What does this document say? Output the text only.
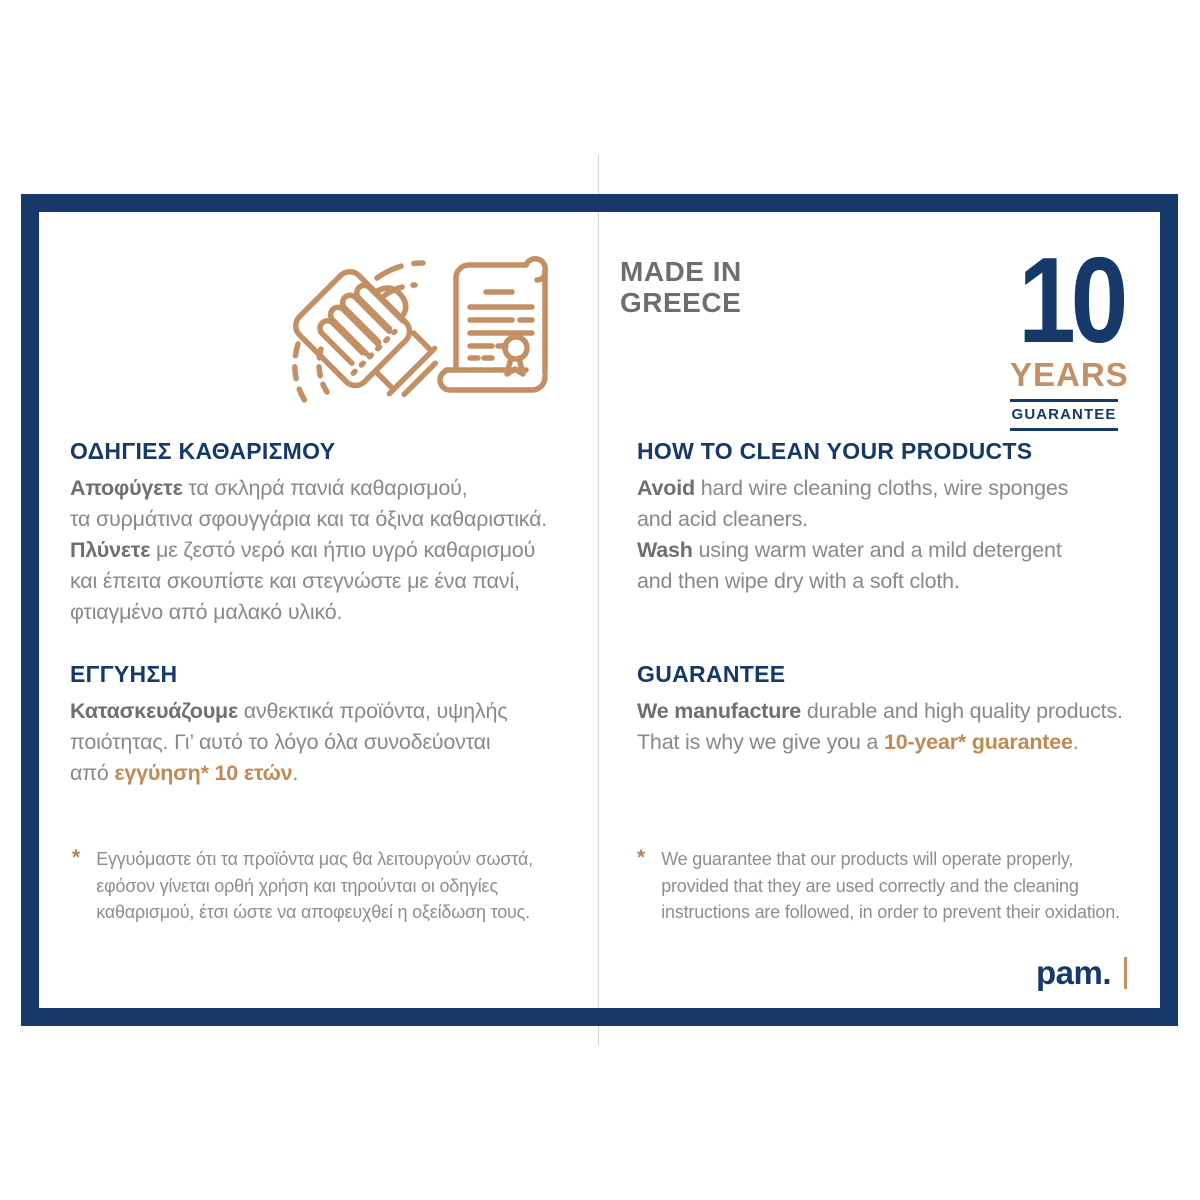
MADE IN
GREECE 10
YEARS
GUARANTEE
ΟΔΗΓΙΕΣ ΚΑΘΑΡΙΣΜΟΥ
Αποφύγετε τα σκληρά πανιά καθαρισμού,
τα συρμάτινα σφουγγάρια και τα όξινα καθαριστικά.
Πλύνετε με ζεστό νερό και ήπιο υγρό καθαρισμού
και έπειτα σκουπίστε και στεγνώστε με ένα πανί,
φτιαγμένο από μαλακό υλικό.
ΕΓΓΥΗΣΗ
Κατασκευάζουμε ανθεκτικά προϊόντα, υψηλής
ποιότητας. Γι’ αυτό το λόγο όλα συνοδεύονται
από εγγύηση* 10 ετών.
* Εγγυόμαστε ότι τα προϊόντα μας θα λειτουργούν σωστά,
εφόσον γίνεται ορθή χρήση και τηρούνται οι οδηγίες
καθαρισμού, έτσι ώστε να αποφευχθεί η οξείδωση τους.
HOW TO CLEAN YOUR PRODUCTS
Avoid hard wire cleaning cloths, wire sponges
and acid cleaners.
Wash using warm water and a mild detergent
and then wipe dry with a soft cloth.
GUARANTEE
We manufacture durable and high quality products.
That is why we give you a 10-year* guarantee.
* We guarantee that our products will operate properly,
provided that they are used correctly and the cleaning
instructions are followed, in order to prevent their oxidation.
pam.
